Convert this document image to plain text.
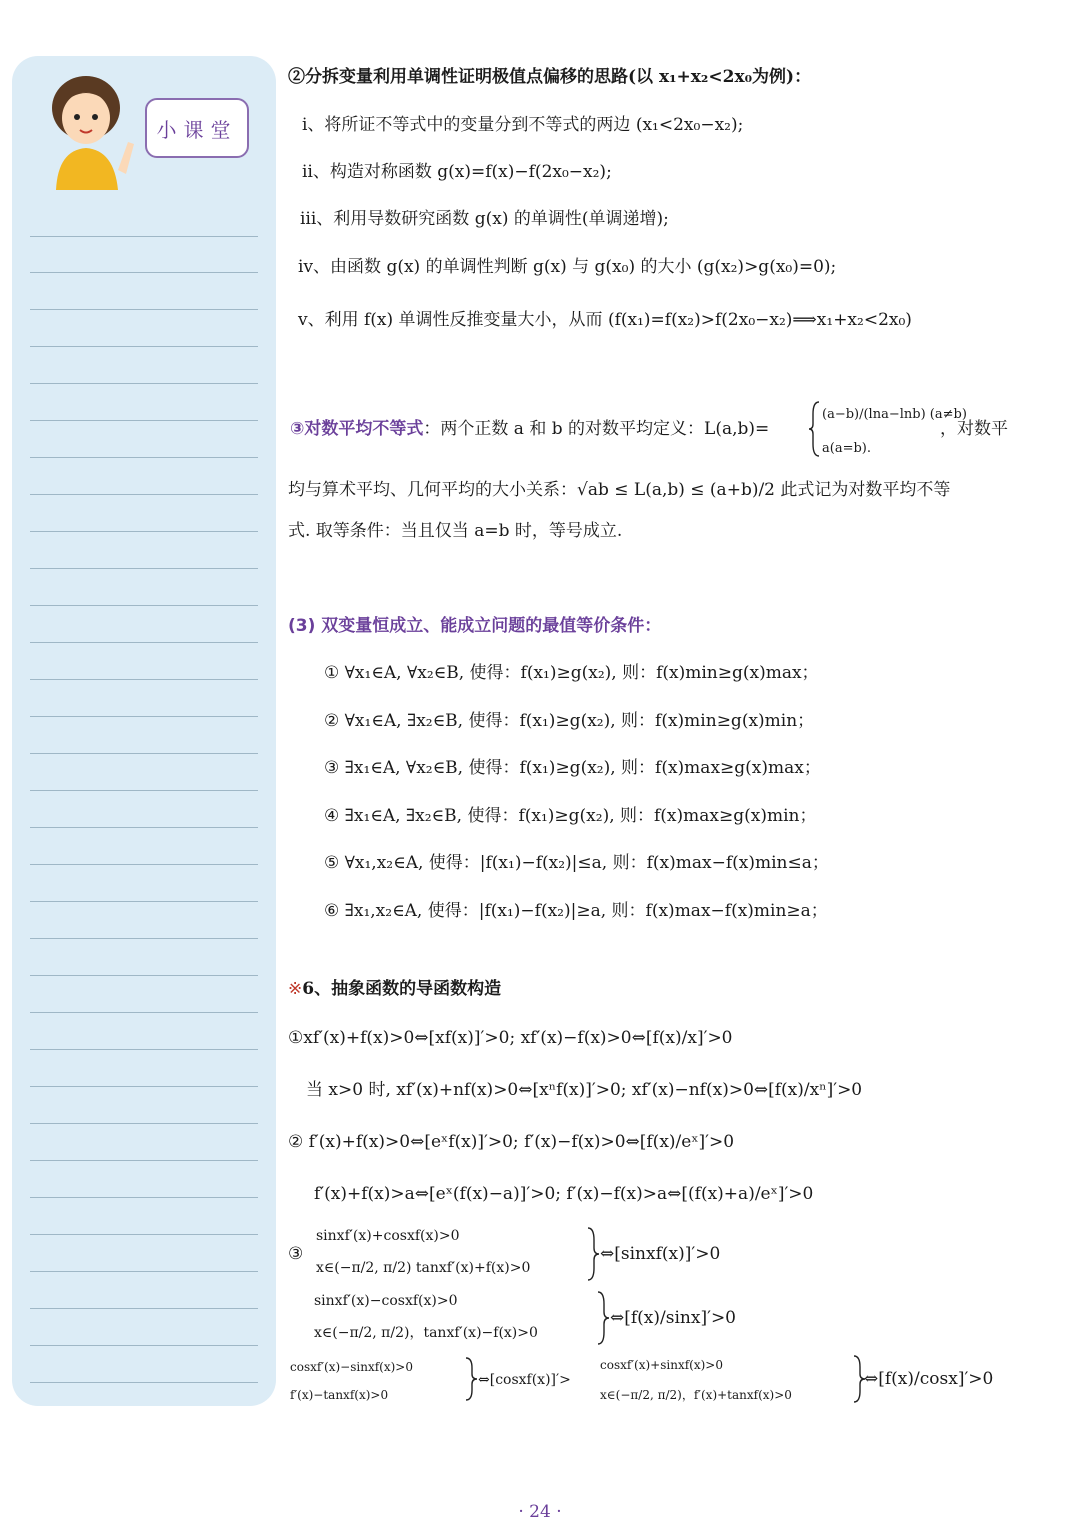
小课堂
②分拆变量利用单调性证明极值点偏移的思路(以 x₁+x₂<2x₀为例)：
ⅰ、将所证不等式中的变量分到不等式的两边 (x₁<2x₀−x₂);
ⅱ、构造对称函数 g(x)=f(x)−f(2x₀−x₂);
ⅲ、利用导数研究函数 g(x) 的单调性(单调递增);
ⅳ、由函数 g(x) 的单调性判断 g(x) 与 g(x₀) 的大小 (g(x₂)>g(x₀)=0);
ⅴ、利用 f(x) 单调性反推变量大小，从而 (f(x₁)=f(x₂)>f(2x₀−x₂)⟹x₁+x₂<2x₀)
③对数平均不等式：两个正数 a 和 b 的对数平均定义：L(a,b)=
(a−b)/(lna−lnb) (a≠b)
a(a=b).
，对数平
均与算术平均、几何平均的大小关系：√ab ≤ L(a,b) ≤ (a+b)/2 此式记为对数平均不等
式. 取等条件：当且仅当 a=b 时，等号成立.
(3) 双变量恒成立、能成立问题的最值等价条件：
① ∀x₁∈A, ∀x₂∈B, 使得：f(x₁)≥g(x₂), 则：f(x)min≥g(x)max；
② ∀x₁∈A, ∃x₂∈B, 使得：f(x₁)≥g(x₂), 则：f(x)min≥g(x)min；
③ ∃x₁∈A, ∀x₂∈B, 使得：f(x₁)≥g(x₂), 则：f(x)max≥g(x)max；
④ ∃x₁∈A, ∃x₂∈B, 使得：f(x₁)≥g(x₂), 则：f(x)max≥g(x)min；
⑤ ∀x₁,x₂∈A, 使得：|f(x₁)−f(x₂)|≤a, 则：f(x)max−f(x)min≤a；
⑥ ∃x₁,x₂∈A, 使得：|f(x₁)−f(x₂)|≥a, 则：f(x)max−f(x)min≥a；
※6、抽象函数的导函数构造
①xf′(x)+f(x)>0⇔[xf(x)]′>0; xf′(x)−f(x)>0⇔[f(x)/x]′>0
当 x>0 时, xf′(x)+nf(x)>0⇔[xⁿf(x)]′>0; xf′(x)−nf(x)>0⇔[f(x)/xⁿ]′>0
② f′(x)+f(x)>0⇔[eˣf(x)]′>0; f′(x)−f(x)>0⇔[f(x)/eˣ]′>0
f′(x)+f(x)>a⇔[eˣ(f(x)−a)]′>0; f′(x)−f(x)>a⇔[(f(x)+a)/eˣ]′>0
③
sinxf′(x)+cosxf(x)>0
x∈(−π/2, π/2) tanxf′(x)+f(x)>0
⇔[sinxf(x)]′>0
sinxf′(x)−cosxf(x)>0
x∈(−π/2, π/2)，tanxf′(x)−f(x)>0
⇔[f(x)/sinx]′>0
cosxf′(x)−sinxf(x)>0
f′(x)−tanxf(x)>0
⇔[cosxf(x)]′>
cosxf′(x)+sinxf(x)>0
x∈(−π/2, π/2)，f′(x)+tanxf(x)>0
⇔[f(x)/cosx]′>0
· 24 ·
